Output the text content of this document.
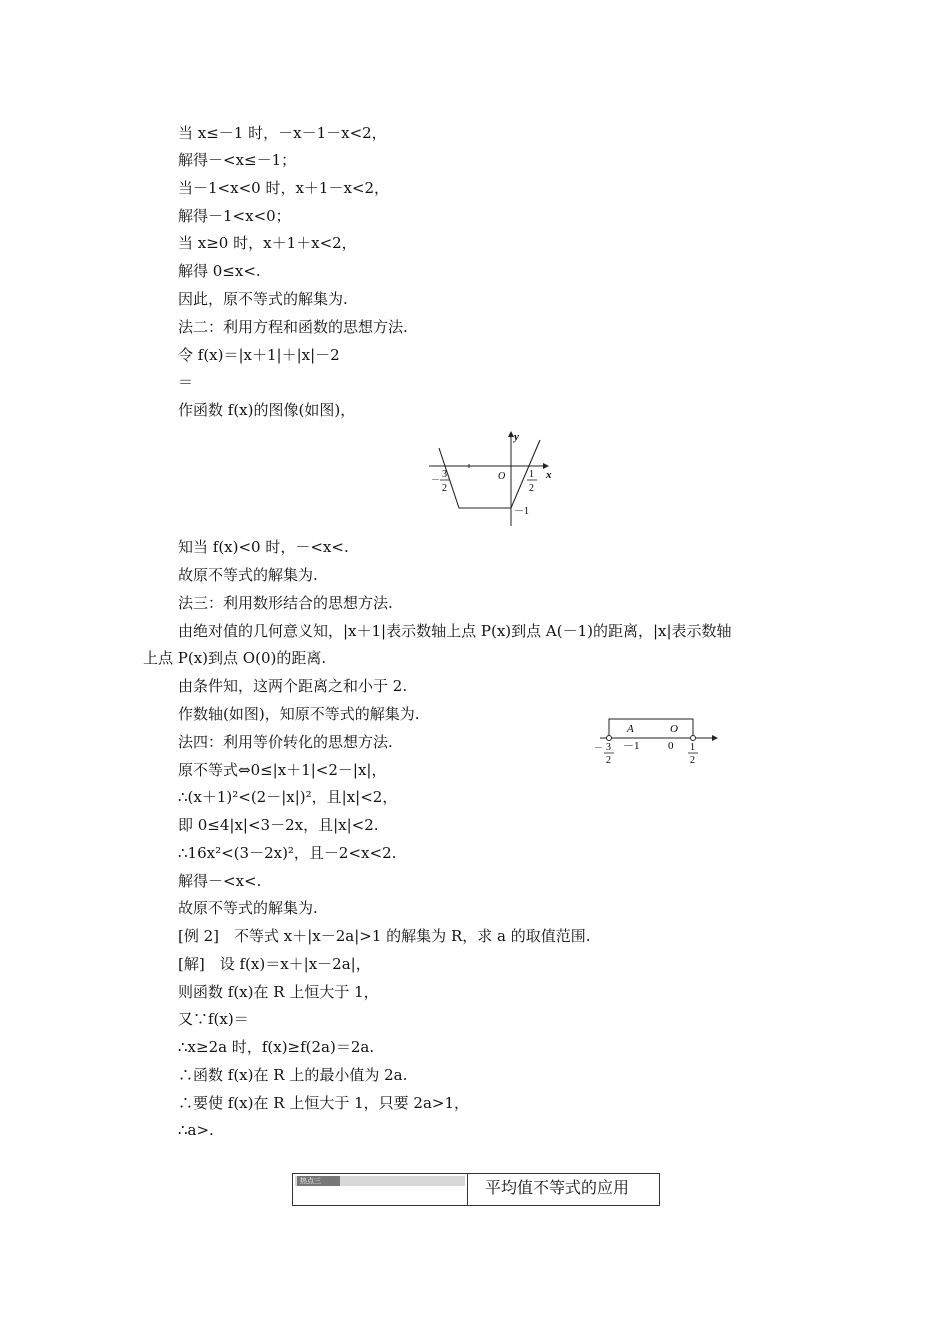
当 x≤－1 时，－x－1－x<2，
解得－<x≤－1；
当－1<x<0 时，x＋1－x<2，
解得－1<x<0；
当 x≥0 时，x＋1＋x<2，
解得 0≤x<.
因此，原不等式的解集为.
法二：利用方程和函数的思想方法.
令 f(x)＝|x＋1|＋|x|－2
＝
作函数 f(x)的图像(如图)，
y
x
O
－ 3
2
1
2
－1
知当 f(x)<0 时，－<x<.
故原不等式的解集为.
法三：利用数形结合的思想方法.
由绝对值的几何意义知，|x＋1|表示数轴上点 P(x)到点 A(－1)的距离，|x|表示数轴
上点 P(x)到点 O(0)的距离.
由条件知，这两个距离之和小于 2.
作数轴(如图)，知原不等式的解集为.
法四：利用等价转化的思想方法.
A	O
－1	0
－ 3
2
1
2
原不等式⇔0≤|x＋1|<2－|x|，
∴(x＋1)²<(2－|x|)²，且|x|<2，
即 0≤4|x|<3－2x，且|x|<2.
∴16x²<(3－2x)²，且－2<x<2.
解得－<x<.
故原不等式的解集为.
[例 2]　不等式 x＋|x－2a|>1 的解集为 R，求 a 的取值范围.
[解]　设 f(x)＝x＋|x－2a|，
则函数 f(x)在 R 上恒大于 1，
又∵f(x)＝
∴x≥2a 时，f(x)≥f(2a)＝2a.
∴函数 f(x)在 R 上的最小值为 2a.
∴要使 f(x)在 R 上恒大于 1，只要 2a>1，
∴a>.
热点三	平均值不等式的应用
